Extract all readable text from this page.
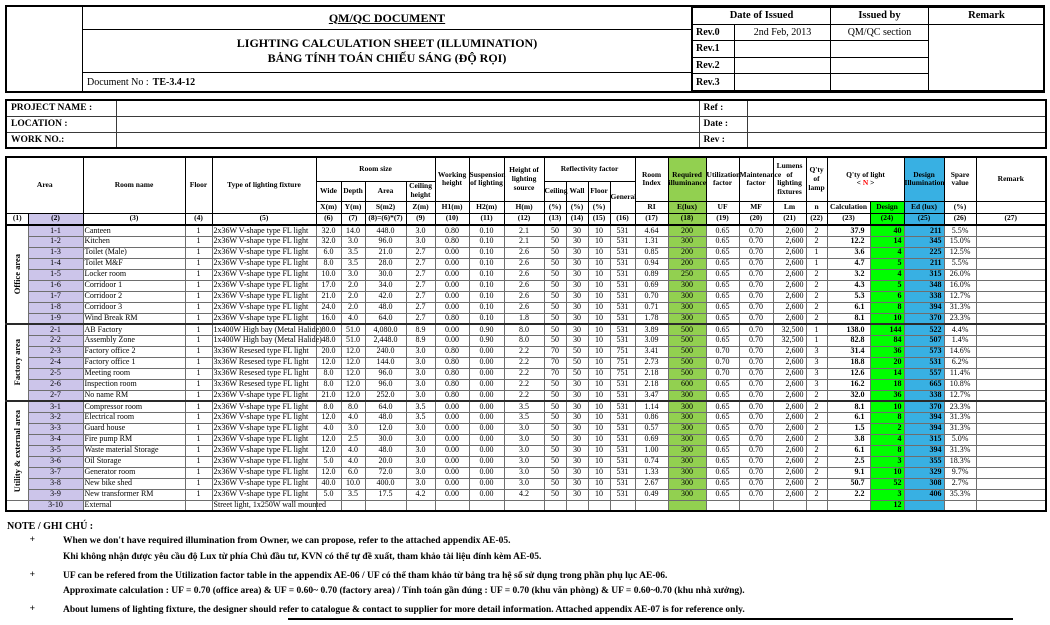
QM/QC DOCUMENT
LIGHTING CALCULATION SHEET (ILLUMINATION)
BẢNG TÍNH TOÁN CHIẾU SÁNG (ĐỘ RỌI)
Document No : TE-3.4-12
Date of Issued		Issued by	Remark
Rev.0	2nd Feb, 2013	QM/QC section	
Rev.1			
Rev.2			
Rev.3			
PROJECT NAME :		Ref :	
LOCATION :		Date :	
WORK NO.:		Rev :	
Area		Room name	Floor	Type of lighting fixture	Room size				Working height	Suspension of lighting	Height of lighting source	Reflectivity factor				Room Index	Required illuminance	Utilization factor	Maintenance factor	Lumens of lighting fixtures	Q'ty of lamp	Q'ty of light
< N >		Design Illumination	Spare value	Remark
					Wide	Depth	Area	Ceiling height				Ceiling	Wall	Floor	General											
					X(m)	Y(m)	S(m2)	Z(m)	H1(m)	H2(m)	H(m)	(%)	(%)	(%)		RI	E(lux)	UF	MF	Lm	n	Calculation	Design	Ed (lux)	(%)	
(1)	(2)	(3)	(4)	(5)	(6)	(7)	(8)=(6)*(7)	(9)	(10)	(11)	(12)	(13)	(14)	(15)	(16)	(17)	(18)	(19)	(20)	(21)	(22)	(23)	(24)	(25)	(26)	(27)

Office area	1-1	Canteen	1	2x36W V-shape type FL light	32.0	14.0	448.0	3.0	0.80	0.10	2.1	50	30	10	531	4.64	200	0.65	0.70	2,600	2	37.9	40	211	5.5%	
	1-2	Kitchen	1	2x36W V-shape type FL light	32.0	3.0	96.0	3.0	0.80	0.10	2.1	50	30	10	531	1.31	300	0.65	0.70	2,600	2	12.2	14	345	15.0%	
	1-3	Toilet (Male)	1	2x36W V-shape type FL light	6.0	3.5	21.0	2.7	0.00	0.10	2.6	50	30	10	531	0.85	200	0.65	0.70	2,600	1	3.6	4	225	12.5%	
	1-4	Toilet M&F	1	2x36W V-shape type FL light	8.0	3.5	28.0	2.7	0.00	0.10	2.6	50	30	10	531	0.94	200	0.65	0.70	2,600	1	4.7	5	211	5.5%	
	1-5	Locker room	1	2x36W V-shape type FL light	10.0	3.0	30.0	2.7	0.00	0.10	2.6	50	30	10	531	0.89	250	0.65	0.70	2,600	2	3.2	4	315	26.0%	
	1-6	Corridoor 1	1	2x36W V-shape type FL light	17.0	2.0	34.0	2.7	0.00	0.10	2.6	50	30	10	531	0.69	300	0.65	0.70	2,600	2	4.3	5	348	16.0%	
	1-7	Corridoor 2	1	2x36W V-shape type FL light	21.0	2.0	42.0	2.7	0.00	0.10	2.6	50	30	10	531	0.70	300	0.65	0.70	2,600	2	5.3	6	338	12.7%	
	1-8	Corridoor 3	1	2x36W V-shape type FL light	24.0	2.0	48.0	2.7	0.00	0.10	2.6	50	30	10	531	0.71	300	0.65	0.70	2,600	2	6.1	8	394	31.3%	
	1-9	Wind Break RM	1	2x36W V-shape type FL light	16.0	4.0	64.0	2.7	0.80	0.10	1.8	50	30	10	531	1.78	300	0.65	0.70	2,600	2	8.1	10	370	23.3%	

Factory area	2-1	AB Factory	1	1x400W High bay (Metal Halide)	80.0	51.0	4,080.0	8.9	0.00	0.90	8.0	50	30	10	531	3.89	500	0.65	0.70	32,500	1	138.0	144	522	4.4%	
	2-2	Assembly Zone	1	1x400W High bay (Metal Halide)	48.0	51.0	2,448.0	8.9	0.00	0.90	8.0	50	30	10	531	3.09	500	0.65	0.70	32,500	1	82.8	84	507	1.4%	
	2-3	Factory office 2	1	3x36W Resesed type FL light	20.0	12.0	240.0	3.0	0.80	0.00	2.2	70	50	10	751	3.41	500	0.70	0.70	2,600	3	31.4	36	573	14.6%	
	2-4	Factory office 1	1	3x36W Resesed type FL light	12.0	12.0	144.0	3.0	0.80	0.00	2.2	70	50	10	751	2.73	500	0.70	0.70	2,600	3	18.8	20	531	6.2%	
	2-5	Meeting room	1	3x36W Resesed type FL light	8.0	12.0	96.0	3.0	0.80	0.00	2.2	70	50	10	751	2.18	500	0.70	0.70	2,600	3	12.6	14	557	11.4%	
	2-6	Inspection room	1	3x36W Resesed type FL light	8.0	12.0	96.0	3.0	0.80	0.00	2.2	50	30	10	531	2.18	600	0.65	0.70	2,600	3	16.2	18	665	10.8%	
	2-7	No name RM	1	2x36W V-shape type FL light	21.0	12.0	252.0	3.0	0.80	0.00	2.2	50	30	10	531	3.47	300	0.65	0.70	2,600	2	32.0	36	338	12.7%	

Utility & external area	3-1	Compressor room	1	2x36W V-shape type FL light	8.0	8.0	64.0	3.5	0.00	0.00	3.5	50	30	10	531	1.14	300	0.65	0.70	2,600	2	8.1	10	370	23.3%	
	3-2	Electrical room	1	2x36W V-shape type FL light	12.0	4.0	48.0	3.5	0.00	0.00	3.5	50	30	10	531	0.86	300	0.65	0.70	2,600	2	6.1	8	394	31.3%	
	3-3	Guard house	1	2x36W V-shape type FL light	4.0	3.0	12.0	3.0	0.00	0.00	3.0	50	30	10	531	0.57	300	0.65	0.70	2,600	2	1.5	2	394	31.3%	
	3-4	Fire pump RM	1	2x36W V-shape type FL light	12.0	2.5	30.0	3.0	0.00	0.00	3.0	50	30	10	531	0.69	300	0.65	0.70	2,600	2	3.8	4	315	5.0%	
	3-5	Waste material Storage	1	2x36W V-shape type FL light	12.0	4.0	48.0	3.0	0.00	0.00	3.0	50	30	10	531	1.00	300	0.65	0.70	2,600	2	6.1	8	394	31.3%	
	3-6	Oil Storage	1	2x36W V-shape type FL light	5.0	4.0	20.0	3.0	0.00	0.00	3.0	50	30	10	531	0.74	300	0.65	0.70	2,600	2	2.5	3	355	18.3%	
	3-7	Generator room	1	2x36W V-shape type FL light	12.0	6.0	72.0	3.0	0.00	0.00	3.0	50	30	10	531	1.33	300	0.65	0.70	2,600	2	9.1	10	329	9.7%	
	3-8	New bike shed	1	2x36W V-shape type FL light	40.0	10.0	400.0	3.0	0.00	0.00	3.0	50	30	10	531	2.67	300	0.65	0.70	2,600	2	50.7	52	308	2.7%	
	3-9	New transformer RM	1	2x36W V-shape type FL light	5.0	3.5	17.5	4.2	0.00	0.00	4.2	50	30	10	531	0.49	300	0.65	0.70	2,600	2	2.2	3	406	35.3%	

	3-10	External		Street light, 1x250W wall mounted																			12			
NOTE / GHI CHÚ :
+	When we don't have required illumination from Owner, we can propose, refer to the attached appendix AE-05.
Khi không nhận được yêu cầu độ Lux từ phía Chủ đầu tư, KVN có thể tự đề xuất, tham khảo tài liệu đính kèm AE-05.
+	UF can be refered from the Utilization factor table in the appendix AE-06 / UF có thể tham khảo từ bảng tra hệ số sử dụng trong phần phụ lục AE-06.
Approximate calculation : UF = 0.70 (office area) & UF = 0.60~ 0.70 (factory area) / Tính toán gần đúng : UF = 0.70 (khu văn phòng) & UF = 0.60~0.70 (khu nhà xưởng).
+	About lumens of lighting fixture, the designer should refer to catalogue & contact to supplier for more detail information. Attached appendix AE-07 is for reference only.
